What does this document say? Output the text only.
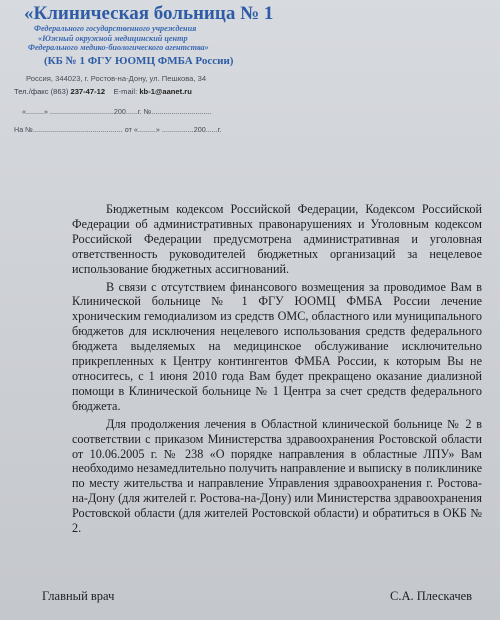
«Клиническая больница № 1

Федерального государственного учреждения

«Южный окружной медицинский центр

Федерального медико-биологического агентства»

(КБ № 1 ФГУ ЮОМЦ ФМБА России)

Россия, 344023, г. Ростов-на-Дону, ул. Пешкова, 34
Тел./факс (863) 237-47-12 E-mail: kb-1@aanet.ru
«.........» ................................200......г. №..............................
На №............................................. от «.........» ................200......г.

Бюджетным кодексом Российской Федерации, Кодексом Российской Федерации об административных правонарушениях и Уголовным кодексом Российской Федерации предусмотрена административная и уголовная ответственность руководителей бюджетных организаций за нецелевое использование бюджетных ассигнований.

В связи с отсутствием финансового возмещения за проводимое Вам в Клинической больнице № 1 ФГУ ЮОМЦ ФМБА России лечение хроническим гемодиализом из средств ОМС, областного или муниципального бюджетов для исключения нецелевого использования средств федерального бюджета выделяемых на медицинское обслуживание исключительно прикрепленных к Центру контингентов ФМБА России, к которым Вы не относитесь, с 1 июня 2010 года Вам будет прекращено оказание диализной помощи в Клинической больнице № 1 Центра за счет средств федерального бюджета.

Для продолжения лечения в Областной клинической больнице № 2 в соответствии с приказом Министерства здравоохранения Ростовской области от 10.06.2005 г. № 238 «О порядке направления в областные ЛПУ» Вам необходимо незамедлительно получить направление и выписку в поликлинике по месту жительства и направление Управления здравоохранения г. Ростова-на-Дону (для жителей г. Ростова-на-Дону) или Министерства здравоохранения Ростовской области (для жителей Ростовской области) и обратиться в ОКБ № 2.

Главный врач	С.А. Плескачев
